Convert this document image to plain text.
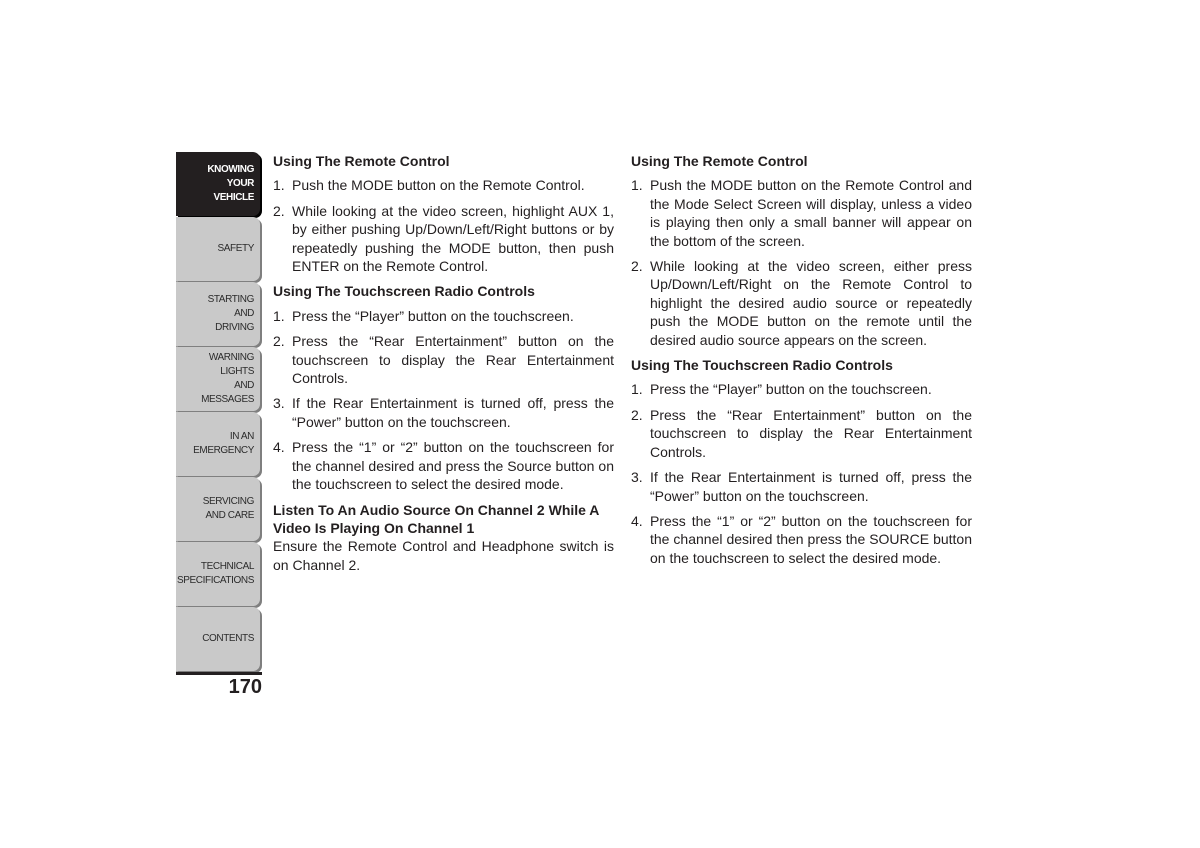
KNOWING
YOUR
VEHICLE
SAFETY
STARTING
AND
DRIVING
WARNING
LIGHTS
AND
MESSAGES
IN AN
EMERGENCY
SERVICING
AND CARE
TECHNICAL
SPECIFICATIONS
CONTENTS
170
Using The Remote Control
1. Push the MODE button on the Remote Control.
2. While looking at the video screen, highlight AUX 1, by either pushing Up/Down/Left/Right buttons or by repeatedly pushing the MODE button, then push ENTER on the Remote Control.
Using The Touchscreen Radio Controls
1. Press the “Player” button on the touchscreen.
2. Press the “Rear Entertainment” button on the touchscreen to display the Rear Entertainment Controls.
3. If the Rear Entertainment is turned off, press the “Power” button on the touchscreen.
4. Press the “1” or “2” button on the touchscreen for the channel desired and press the Source button on the touchscreen to select the desired mode.
Listen To An Audio Source On Channel 2 While A Video Is Playing On Channel 1

Ensure the Remote Control and Headphone switch is on Channel 2.

Using The Remote Control
1. Push the MODE button on the Remote Control and the Mode Select Screen will display, unless a video is playing then only a small banner will appear on the bottom of the screen.
2. While looking at the video screen, either press Up/Down/Left/Right on the Remote Control to highlight the desired audio source or repeatedly push the MODE button on the remote until the desired audio source appears on the screen.
Using The Touchscreen Radio Controls
1. Press the “Player” button on the touchscreen.
2. Press the “Rear Entertainment” button on the touchscreen to display the Rear Entertainment Controls.
3. If the Rear Entertainment is turned off, press the “Power” button on the touchscreen.
4. Press the “1” or “2” button on the touchscreen for the channel desired then press the SOURCE button on the touchscreen to select the desired mode.
